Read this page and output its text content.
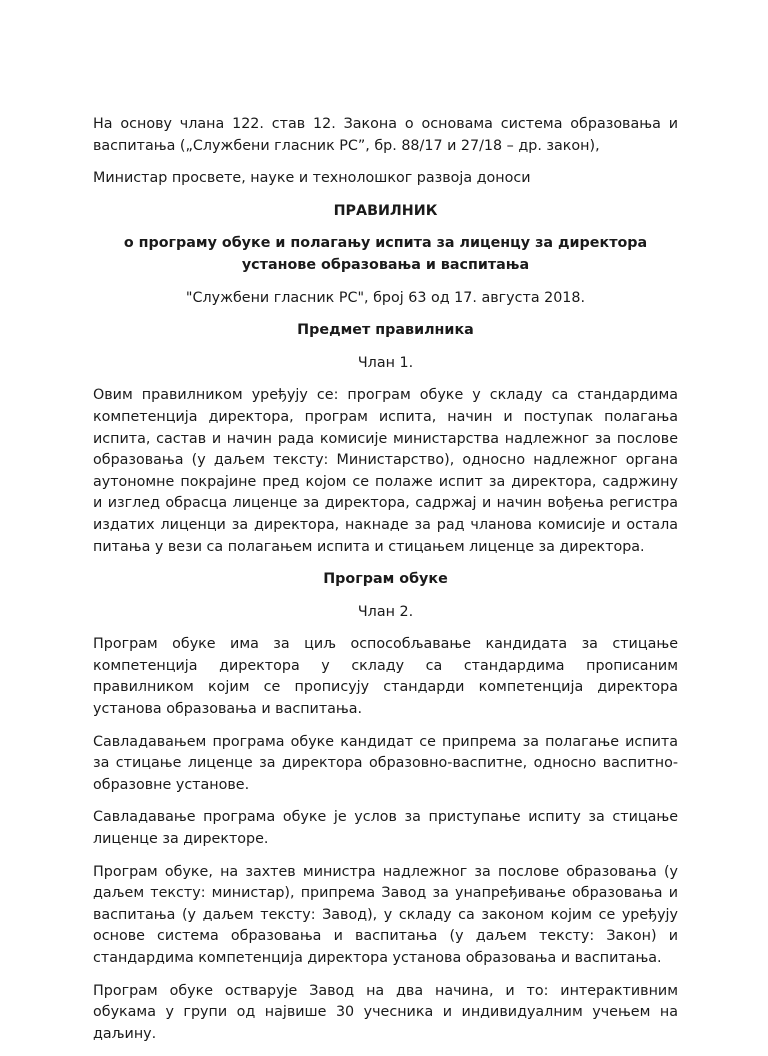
На основу члана 122. став 12. Закона о основама система образовања и васпитања („Службени гласник РС”, бр. 88/17 и 27/18 – др. закон),

Министар просвете, науке и технолошког развоја доноси

ПРАВИЛНИК

о програму обуке и полагању испита за лиценцу за директора установе образовања и васпитања

"Службени гласник РС", број 63 од 17. августа 2018.

Предмет правилника

Члан 1.

Овим правилником уређују се: програм обуке у складу са стандардима компетенција директора, програм испита, начин и поступак полагања испита, састав и начин рада комисије министарства надлежног за послове образовања (у даљем тексту: Министарство), односно надлежног органа аутономне покрајине пред којом се полаже испит за директора, садржину и изглед обрасца лиценце за директора, садржај и начин вођења регистра издатих лиценци за директора, накнаде за рад чланова комисије и остала питања у вези са полагањем испита и стицањем лиценце за директора.

Програм обуке

Члан 2.

Програм обуке има за циљ оспособљавање кандидата за стицање компетенција директора у складу са стандардима прописаним правилником којим се прописују стандарди компетенција директора установа образовања и васпитања.

Савладавањем програма обуке кандидат се припрема за полагање испита за стицање лиценце за директора образовно-васпитне, односно васпитно-образовне установе.

Савладавање програма обуке је услов за приступање испиту за стицање лиценце за директоре.

Програм обуке, на захтев министра надлежног за послове образовања (у даљем тексту: министар), припрема Завод за унапређивање образовања и васпитања (у даљем тексту: Завод), у складу са законом којим се уређују основе система образовања и васпитања (у даљем тексту: Закон) и стандардима компетенција директора установа образовања и васпитања.

Програм обуке остварује Завод на два начина, и то: интерактивним обукама у групи од највише 30 учесника и индивидуалним учењем на даљину.
